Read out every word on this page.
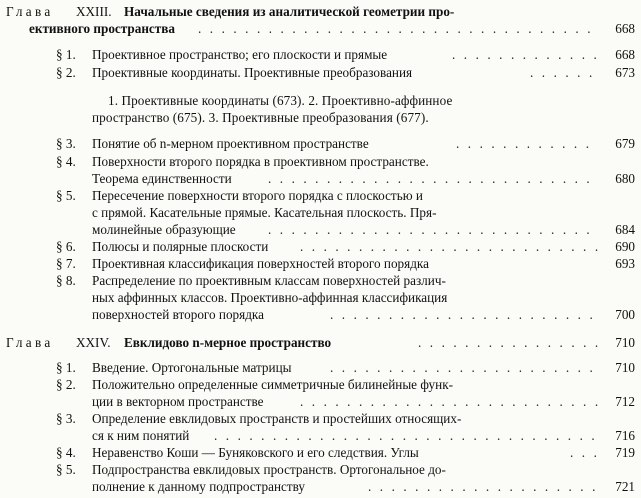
Глава XXIII. Начальные сведения из аналитической геометрии про-
ективного пространства . . .	668
§ 1. Проективное пространство; его плоскости и прямые . . .	668
§ 2. Проективные координаты. Проективные преобразования . . .	673
1. Проективные координаты (673). 2. Проективно-аффинное
пространство (675). 3. Проективные преобразования (677).
§ 3. Понятие об n-мерном проективном пространстве . . .	679
§ 4. Поверхности второго порядка в проективном пространстве.
Теорема единственности . . .	680
§ 5. Пересечение поверхности второго порядка с плоскостью и
с прямой. Касательные прямые. Касательная плоскость. Пря-
молинейные образующие . . .	684
§ 6. Полюсы и полярные плоскости . . .	690
§ 7. Проективная классификация поверхностей второго порядка	693
§ 8. Распределение по проективным классам поверхностей различ-
ных аффинных классов. Проективно-аффинная классификация
поверхностей второго порядка . . .	700
Глава XXIV. Евклидово n-мерное пространство . . .	710
§ 1. Введение. Ортогональные матрицы . . .	710
§ 2. Положительно определенные симметричные билинейные функ-
ции в векторном пространстве . . .	712
§ 3. Определение евклидовых пространств и простейших относящих-
ся к ним понятий . . .	716
§ 4. Неравенство Коши — Буняковского и его следствия. Углы . . .	719
§ 5. Подпространства евклидовых пространств. Ортогональное до-
полнение к данному подпространству . . .	721
